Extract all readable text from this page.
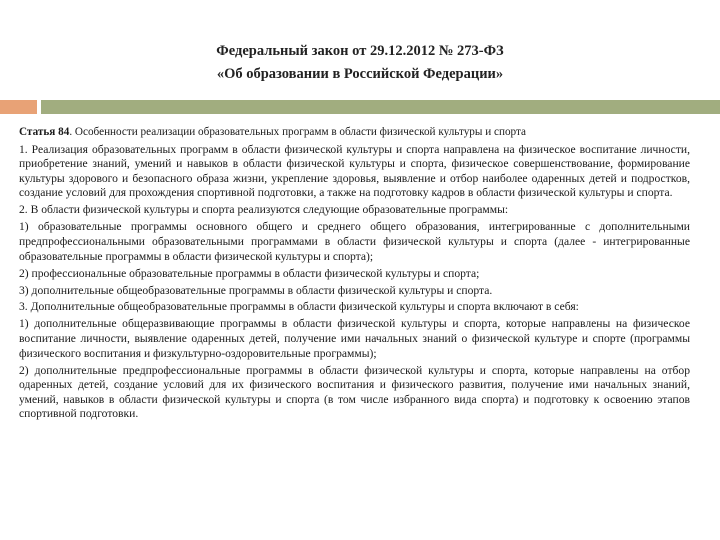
Федеральный закон от 29.12.2012 № 273-ФЗ
«Об образовании в Российской Федерации»

Статья 84. Особенности реализации образовательных программ в области физической культуры и спорта

1. Реализация образовательных программ в области физической культуры и спорта направлена на физическое воспитание личности, приобретение знаний, умений и навыков в области физической культуры и спорта, физическое совершенствование, формирование культуры здорового и безопасного образа жизни, укрепление здоровья, выявление и отбор наиболее одаренных детей и подростков, создание условий для прохождения спортивной подготовки, а также на подготовку кадров в области физической культуры и спорта.

2. В области физической культуры и спорта реализуются следующие образовательные программы:

1) образовательные программы основного общего и среднего общего образования, интегрированные с дополнительными предпрофессиональными образовательными программами в области физической культуры и спорта (далее - интегрированные образовательные программы в области физической культуры и спорта);

2) профессиональные образовательные программы в области физической культуры и спорта;

3) дополнительные общеобразовательные программы в области физической культуры и спорта.

3. Дополнительные общеобразовательные программы в области физической культуры и спорта включают в себя:

1) дополнительные общеразвивающие программы в области физической культуры и спорта, которые направлены на физическое воспитание личности, выявление одаренных детей, получение ими начальных знаний о физической культуре и спорте (программы физического воспитания и физкультурно-оздоровительные программы);

2) дополнительные предпрофессиональные программы в области физической культуры и спорта, которые направлены на отбор одаренных детей, создание условий для их физического воспитания и физического развития, получение ими начальных знаний, умений, навыков в области физической культуры и спорта (в том числе избранного вида спорта) и подготовку к освоению этапов спортивной подготовки.
